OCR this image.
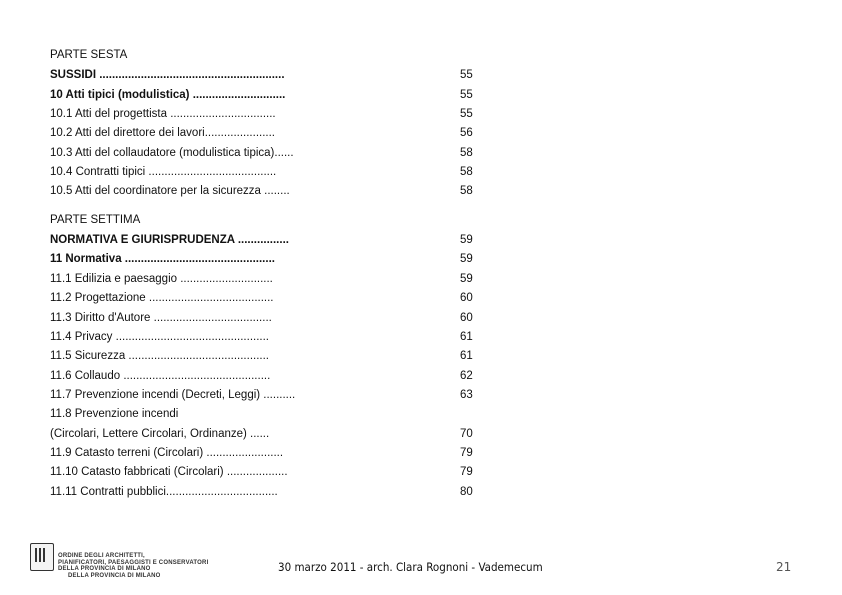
PARTE SESTA
SUSSIDI ..........................................................	55
10 Atti tipici (modulistica) .............................	55
10.1 Atti del progettista .................................	55
10.2 Atti del direttore dei lavori......................	56
10.3 Atti del collaudatore (modulistica tipica)......	58
10.4 Contratti tipici ........................................	58
10.5 Atti del coordinatore per la sicurezza ........	58
PARTE SETTIMA
NORMATIVA E GIURISPRUDENZA ................	59
11 Normativa ...............................................	59
11.1 Edilizia e paesaggio .............................	59
11.2 Progettazione .......................................	60
11.3 Diritto d'Autore .....................................	60
11.4 Privacy ................................................	61
11.5 Sicurezza ............................................	61
11.6 Collaudo ..............................................	62
11.7 Prevenzione incendi (Decreti, Leggi) ..........	63
11.8 Prevenzione incendi
(Circolari, Lettere Circolari, Ordinanze) ......	70
11.9 Catasto terreni (Circolari) ........................	79
11.10 Catasto fabbricati (Circolari) ...................	79
11.11 Contratti pubblici...................................	80
ORDINE DEGLI ARCHITETTI,
PIANIFICATORI, PAESAGGISTI E CONSERVATORI
DELLA PROVINCIA DI MILANO
DELLA PROVINCIA DI MILANO
30 marzo 2011 - arch. Clara Rognoni - Vademecum	21
